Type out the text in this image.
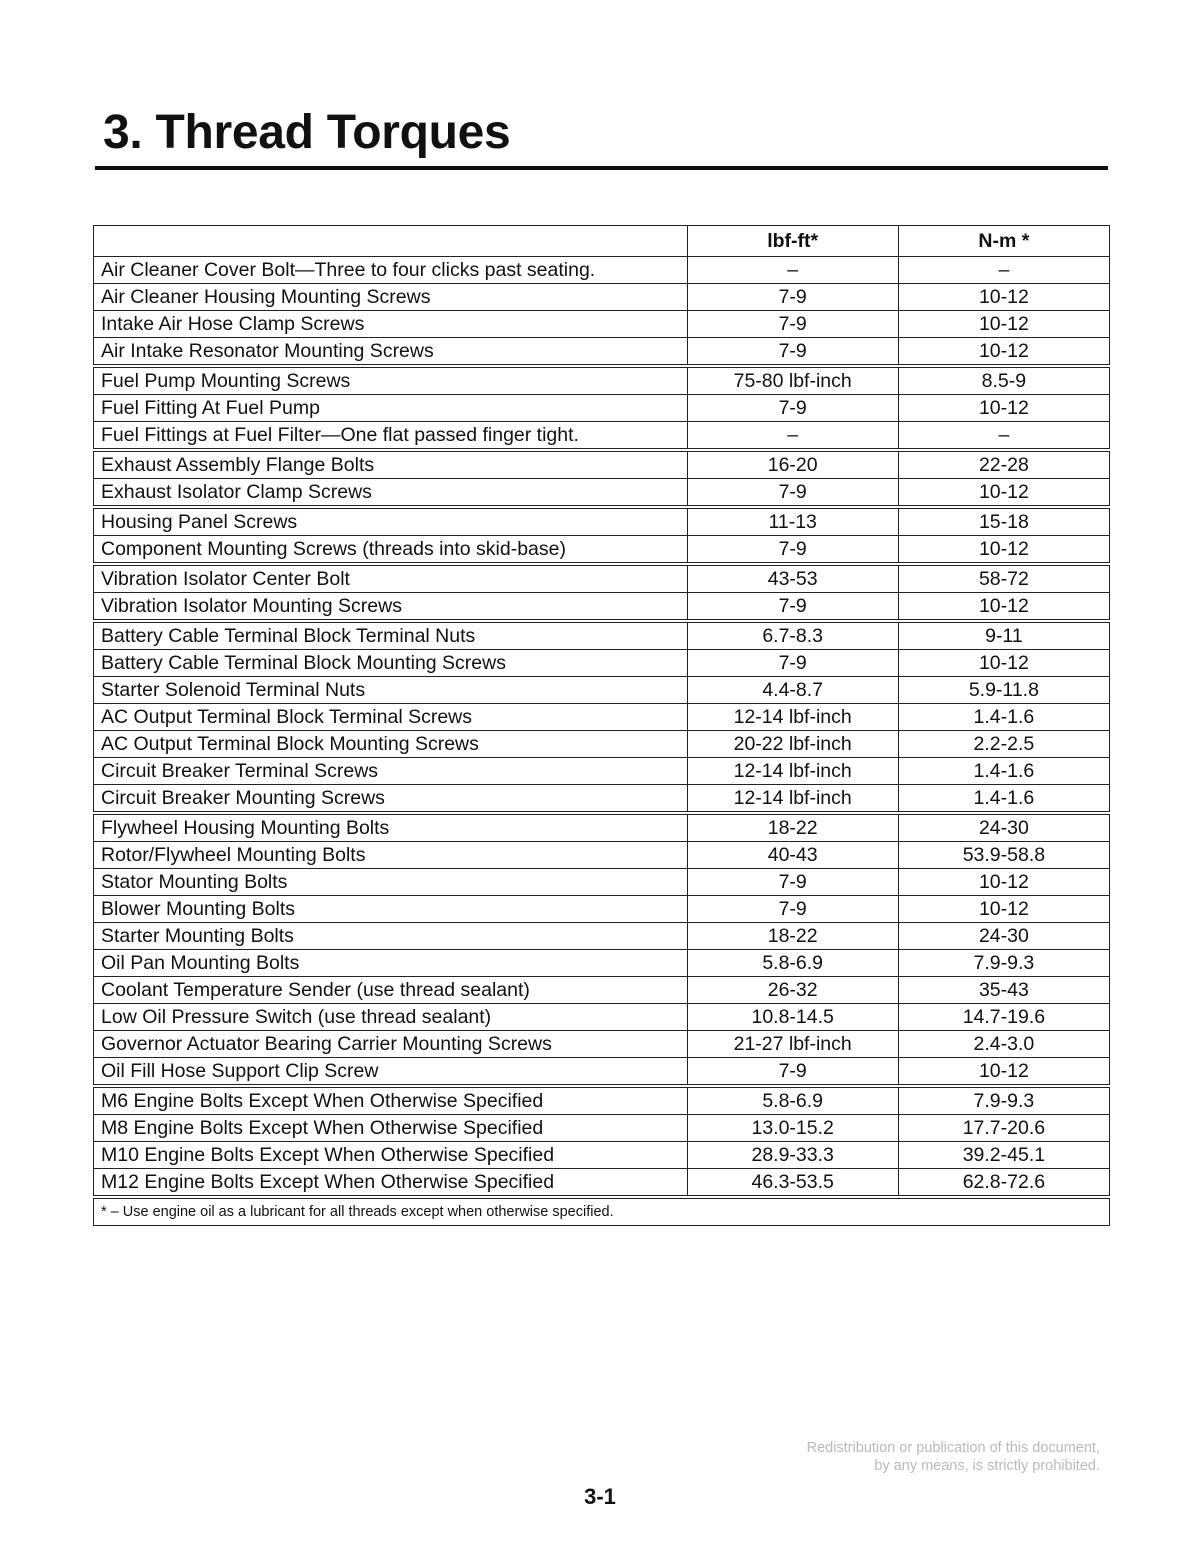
3. Thread Torques
	lbf-ft*	N-m *
Air Cleaner Cover Bolt—Three to four clicks past seating.	–	–
Air Cleaner Housing Mounting Screws	7-9	10-12
Intake Air Hose Clamp Screws	7-9	10-12
Air Intake Resonator Mounting Screws	7-9	10-12
Fuel Pump Mounting Screws	75-80 lbf-inch	8.5-9
Fuel Fitting At Fuel Pump	7-9	10-12
Fuel Fittings at Fuel Filter—One flat passed finger tight.	–	–
Exhaust Assembly Flange Bolts	16-20	22-28
Exhaust Isolator Clamp Screws	7-9	10-12
Housing Panel Screws	11-13	15-18
Component Mounting Screws (threads into skid-base)	7-9	10-12
Vibration Isolator Center Bolt	43-53	58-72
Vibration Isolator Mounting Screws	7-9	10-12
Battery Cable Terminal Block Terminal Nuts	6.7-8.3	9-11
Battery Cable Terminal Block Mounting Screws	7-9	10-12
Starter Solenoid Terminal Nuts	4.4-8.7	5.9-11.8
AC Output Terminal Block Terminal Screws	12-14 lbf-inch	1.4-1.6
AC Output Terminal Block Mounting Screws	20-22 lbf-inch	2.2-2.5
Circuit Breaker Terminal Screws	12-14 lbf-inch	1.4-1.6
Circuit Breaker Mounting Screws	12-14 lbf-inch	1.4-1.6
Flywheel Housing Mounting Bolts	18-22	24-30
Rotor/Flywheel Mounting Bolts	40-43	53.9-58.8
Stator Mounting Bolts	7-9	10-12
Blower Mounting Bolts	7-9	10-12
Starter Mounting Bolts	18-22	24-30
Oil Pan Mounting Bolts	5.8-6.9	7.9-9.3
Coolant Temperature Sender (use thread sealant)	26-32	35-43
Low Oil Pressure Switch (use thread sealant)	10.8-14.5	14.7-19.6
Governor Actuator Bearing Carrier Mounting Screws	21-27 lbf-inch	2.4-3.0
Oil Fill Hose Support Clip Screw	7-9	10-12
M6 Engine Bolts Except When Otherwise Specified	5.8-6.9	7.9-9.3
M8 Engine Bolts Except When Otherwise Specified	13.0-15.2	17.7-20.6
M10 Engine Bolts Except When Otherwise Specified	28.9-33.3	39.2-45.1
M12 Engine Bolts Except When Otherwise Specified	46.3-53.5	62.8-72.6
* – Use engine oil as a lubricant for all threads except when otherwise specified.		
Redistribution or publication of this document,
by any means, is strictly prohibited.
3-1
